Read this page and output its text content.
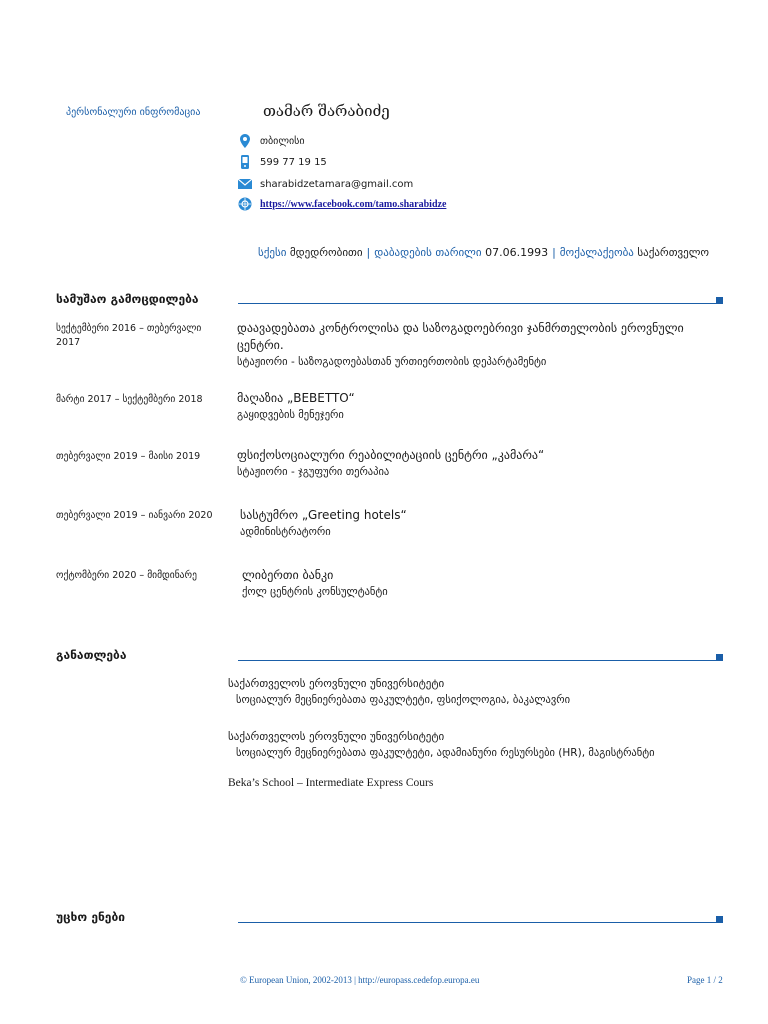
პერსონალური ინფრომაცია	თამარ შარაბიძე
თბილისი
599 77 19 15
sharabidzetamara@gmail.com
https://www.facebook.com/tamo.sharabidze
სქესი მდედრობითი | დაბადების თარილი 07.06.1993 | მოქალაქეობა საქართველო
სამუშაო გამოცდილება
სექტემბერი 2016 – თებერვალი 2017
დაავადებათა კონტროლისა და საზოგადოებრივი ჯანმრთელობის ეროვნული ცენტრი.
სტაჟიორი - საზოგადოებასთან ურთიერთობის დეპარტამენტი
მარტი 2017 – სექტემბერი 2018	მაღაზია „BEBETTO“
გაყიდვების მენეჯერი
თებერვალი 2019 – მაისი 2019	ფსიქოსოციალური რეაბილიტაციის ცენტრი „კამარა“
სტაჟიორი - ჯგუფური თერაპია
თებერვალი 2019 – იანვარი 2020	სასტუმრო „Greeting hotels“
ადმინისტრატორი
ოქტომბერი 2020 – მიმდინარე	ლიბერთი ბანკი
ქოლ ცენტრის კონსულტანტი
განათლება
საქართველოს ეროვნული უნივერსიტეტი
სოციალურ მეცნიერებათა ფაკულტეტი, ფსიქოლოგია, ბაკალავრი
საქართველოს ეროვნული უნივერსიტეტი
სოციალურ მეცნიერებათა ფაკულტეტი, ადამიანური რესურსები (HR), მაგისტრანტი
Beka’s School – Intermediate Express Cours
უცხო ენები
© European Union, 2002-2013 | http://europass.cedefop.europa.eu	Page 1 / 2
